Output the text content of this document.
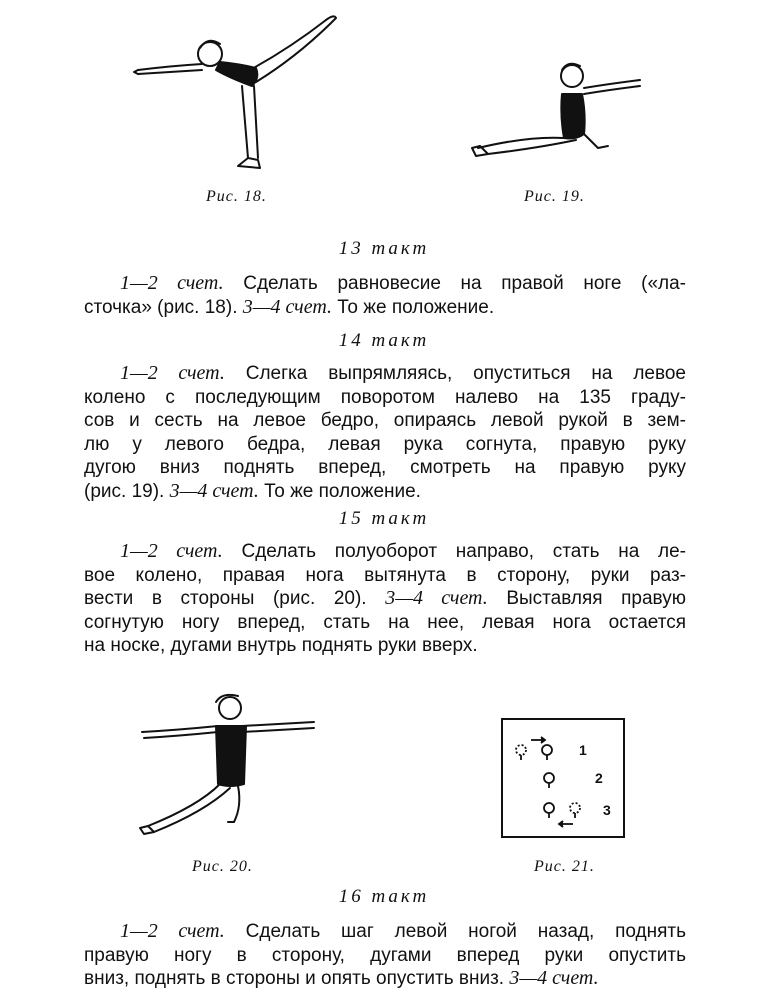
Рис. 18.	Рис. 19.
13 такт
1—2 счет. Сделать равновесие на правой ноге («ла-
сточка» (рис. 18). 3—4 счет. То же положение.
14 такт
1—2 счет. Слегка выпрямляясь, опуститься на левое
колено с последующим поворотом налево на 135 граду-
сов и сесть на левое бедро, опираясь левой рукой в зем-
лю у левого бедра, левая рука согнута, правую руку
дугою вниз поднять вперед, смотреть на правую руку
(рис. 19). 3—4 счет. То же положение.
15 такт
1—2 счет. Сделать полуоборот направо, стать на ле-
вое колено, правая нога вытянута в сторону, руки раз-
вести в стороны (рис. 20). 3—4 счет. Выставляя правую
согнутую ногу вперед, стать на нее, левая нога остается
на носке, дугами внутрь поднять руки вверх.
Рис. 20.
1
2
3
Рис. 21.
16 такт
1—2 счет. Сделать шаг левой ногой назад, поднять
правую ногу в сторону, дугами вперед руки опустить
вниз, поднять в стороны и опять опустить вниз. 3—4 счет.
